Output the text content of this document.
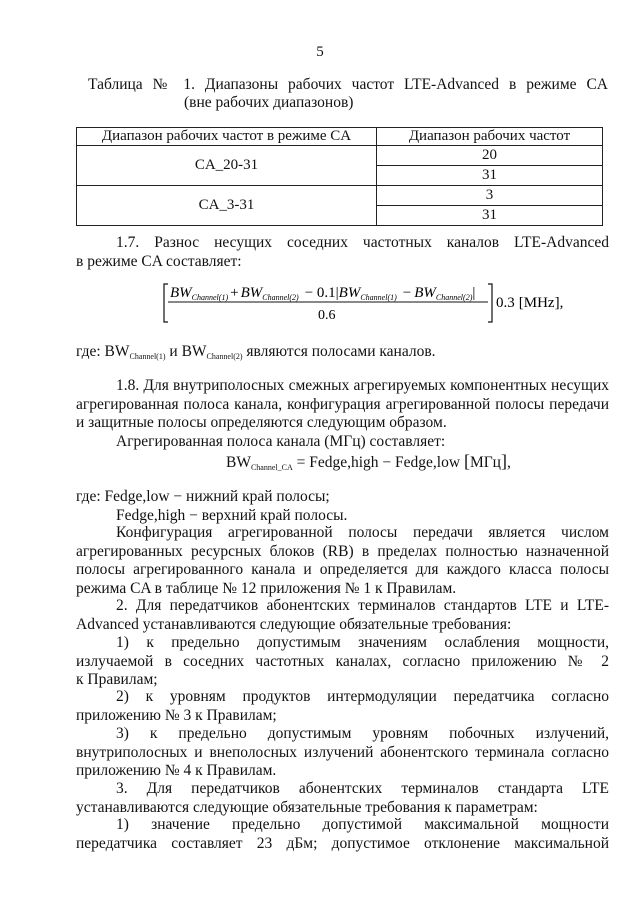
5
Таблица № 1. Диапазоны рабочих частот LTE-Advanced в режиме CA
(вне рабочих диапазонов)
Диапазон рабочих частот в режиме CA	Диапазон рабочих частот
CA_20-31	20
	31
CA_3-31	3
	31
1.7. Разнос несущих соседних частотных каналов LTE-Advanced
в режиме CA составляет:
$BW_{Channel(1)} + BW_{Channel(2)} - 0.1|BW_{Channel(1)} - BW_{Channel(2)}|$
0.6
0.3 [MHz],
где: $BW_{Channel(1)}$ и $BW_{Channel(2)}$ являются полосами каналов.
1.8. Для внутриполосных смежных агрегируемых компонентных несущих
агрегированная полоса канала, конфигурация агрегированной полосы передачи
и защитные полосы определяются следующим образом.
Агрегированная полоса канала (МГц) составляет:
BWChannel_CA = Fedge,high − Fedge,low [МГц],
где: Fedge,low − нижний край полосы;
Fedge,high − верхний край полосы.
Конфигурация агрегированной полосы передачи является числом
агрегированных ресурсных блоков (RB) в пределах полностью назначенной
полосы агрегированного канала и определяется для каждого класса полосы
режима CA в таблице № 12 приложения № 1 к Правилам.
2. Для передатчиков абонентских терминалов стандартов LTE и LTE-
Advanced устанавливаются следующие обязательные требования:
1) к предельно допустимым значениям ослабления мощности,
излучаемой в соседних частотных каналах, согласно приложению № 2
к Правилам;
2) к уровням продуктов интермодуляции передатчика согласно
приложению № 3 к Правилам;
3) к предельно допустимым уровням побочных излучений,
внутриполосных и внеполосных излучений абонентского терминала согласно
приложению № 4 к Правилам.
3. Для передатчиков абонентских терминалов стандарта LTE
устанавливаются следующие обязательные требования к параметрам:
1) значение предельно допустимой максимальной мощности
передатчика составляет 23 дБм; допустимое отклонение максимальной
